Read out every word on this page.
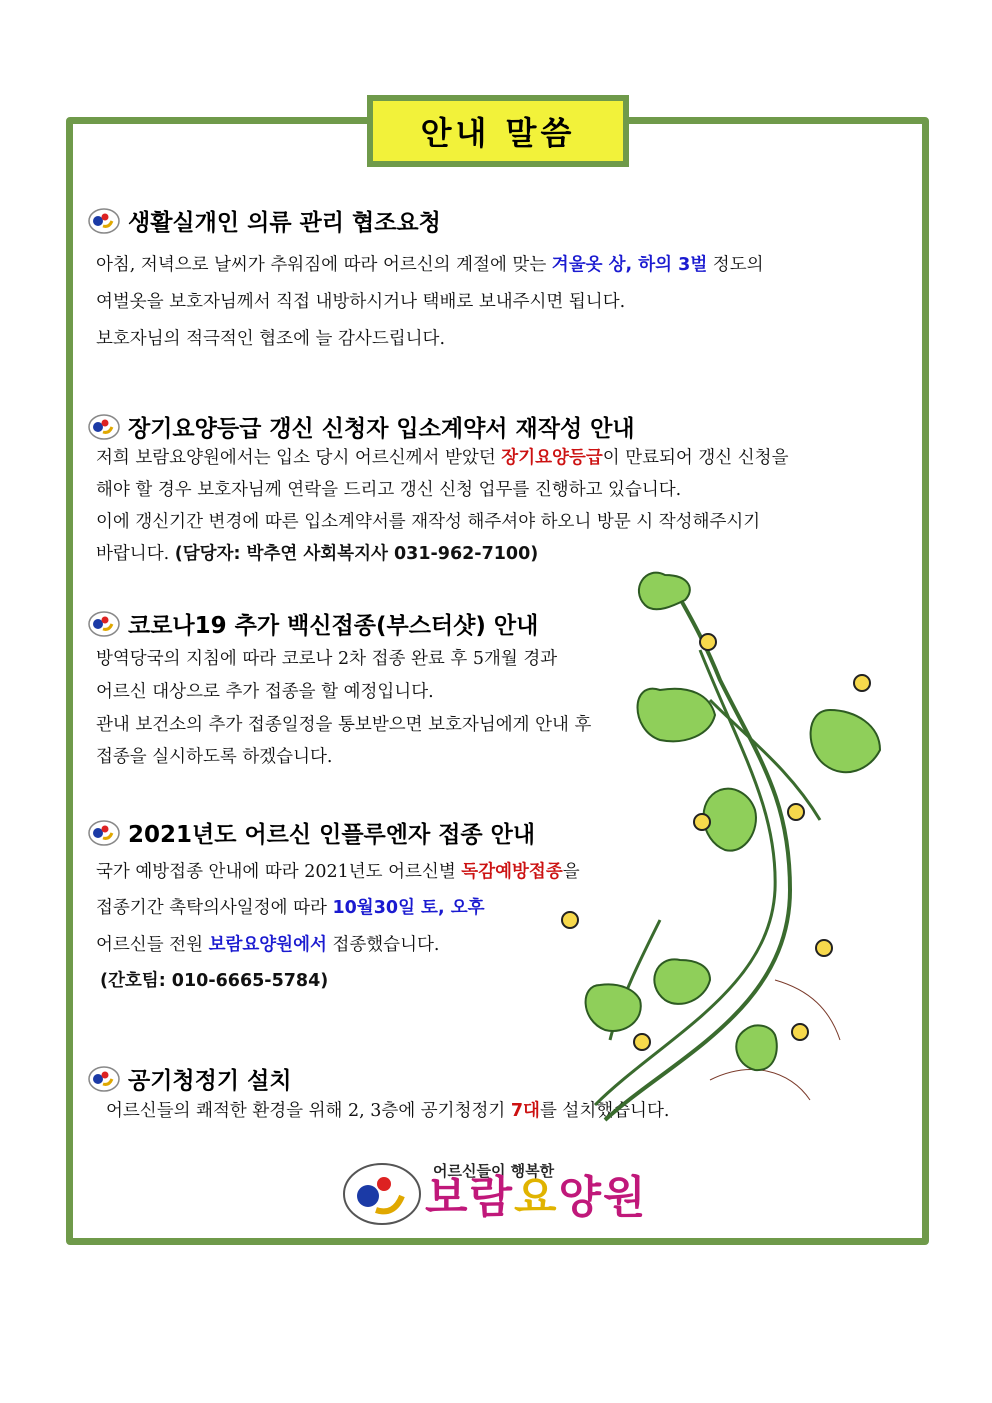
안내 말씀
생활실개인 의류 관리 협조요청
아침, 저녁으로 날씨가 추워짐에 따라 어르신의 계절에 맞는 겨울옷 상, 하의 3벌 정도의
여벌옷을 보호자님께서 직접 내방하시거나 택배로 보내주시면 됩니다.
보호자님의 적극적인 협조에 늘 감사드립니다.
장기요양등급 갱신 신청자 입소계약서 재작성 안내
저희 보람요양원에서는 입소 당시 어르신께서 받았던 장기요양등급이 만료되어 갱신 신청을
해야 할 경우 보호자님께 연락을 드리고 갱신 신청 업무를 진행하고 있습니다.
이에 갱신기간 변경에 따른 입소계약서를 재작성 해주셔야 하오니 방문 시 작성해주시기
바랍니다. (담당자: 박추연 사회복지사 031-962-7100)
코로나19 추가 백신접종(부스터샷) 안내
방역당국의 지침에 따라 코로나 2차 접종 완료 후 5개월 경과
어르신 대상으로 추가 접종을 할 예정입니다.
관내 보건소의 추가 접종일정을 통보받으면 보호자님에게 안내 후
접종을 실시하도록 하겠습니다.
2021년도 어르신 인플루엔자 접종 안내
국가 예방접종 안내에 따라 2021년도 어르신별 독감예방접종을
접종기간 촉탁의사일정에 따라 10월30일 토, 오후
어르신들 전원 보람요양원에서 접종했습니다.
(간호팀: 010-6665-5784)
공기청정기 설치
어르신들의 쾌적한 환경을 위해 2, 3층에 공기청정기 7대를 설치했습니다.
어르신들이 행복한
보람요양원
